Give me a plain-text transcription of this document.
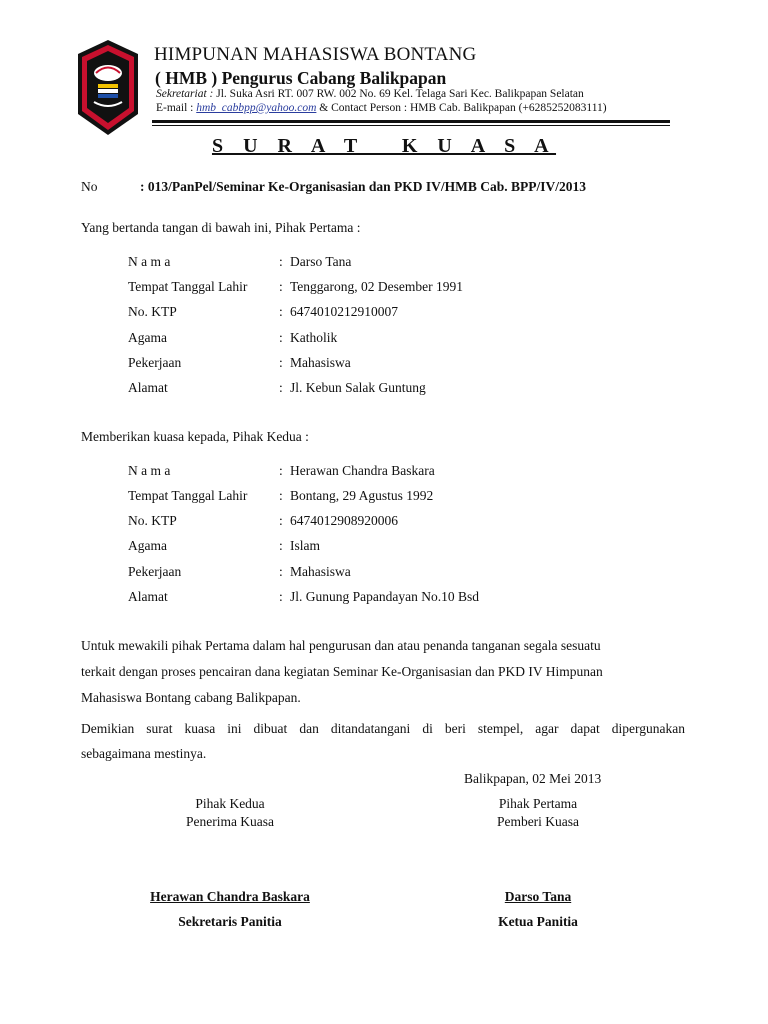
HIMPUNAN MAHASISWA BONTANG
( HMB ) Pengurus Cabang Balikpapan
Sekretariat : Jl. Suka Asri RT. 007 RW. 002 No. 69 Kel. Telaga Sari Kec. Balikpapan Selatan
E-mail : hmb_cabbpp@yahoo.com & Contact Person : HMB Cab. Balikpapan (+6285252083111)
S U R A T   K U A S A
No	: 013/PanPel/Seminar Ke-Organisasian dan PKD IV/HMB Cab. BPP/IV/2013
Yang bertanda tangan di bawah ini, Pihak Pertama :
N a m a	: Darso Tana
Tempat Tanggal Lahir : Tenggarong, 02 Desember 1991
No. KTP	: 6474010212910007
Agama	: Katholik
Pekerjaan	: Mahasiswa
Alamat	: Jl. Kebun Salak Guntung
Memberikan kuasa kepada, Pihak Kedua :
N a m a	: Herawan Chandra Baskara
Tempat Tanggal Lahir : Bontang, 29 Agustus 1992
No. KTP	: 6474012908920006
Agama	: Islam
Pekerjaan	: Mahasiswa
Alamat	: Jl. Gunung Papandayan No.10 Bsd
Untuk mewakili pihak Pertama dalam hal pengurusan dan atau penanda tanganan segala sesuatu
terkait dengan proses pencairan dana kegiatan Seminar Ke-Organisasian dan PKD IV Himpunan
Mahasiswa Bontang cabang Balikpapan.
Demikian surat kuasa ini dibuat dan ditandatangani di beri stempel, agar dapat dipergunakan
sebagaimana mestinya.
Balikpapan, 02 Mei 2013
Pihak Kedua
Penerima Kuasa
Pihak Pertama
Pemberi Kuasa
Herawan Chandra Baskara
Sekretaris Panitia
Darso Tana
Ketua Panitia
